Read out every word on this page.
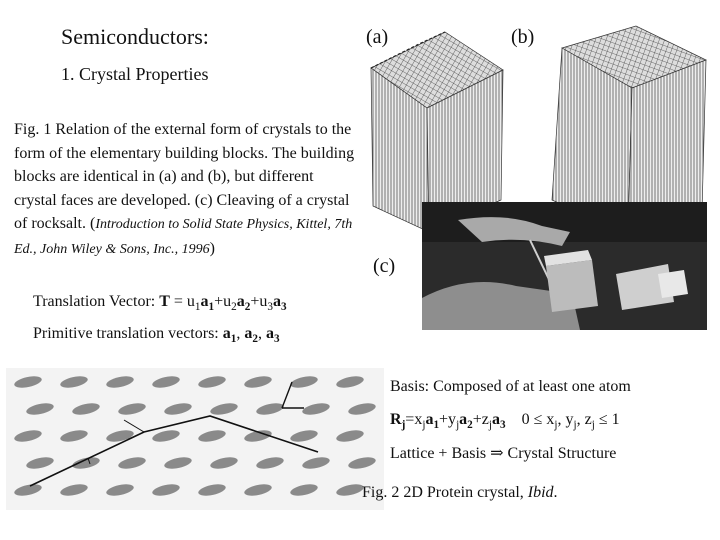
Semiconductors:
1. Crystal Properties
Fig. 1 Relation of the external form of crystals to the form of the elementary building blocks. The building blocks are identical in (a) and (b), but different crystal faces are developed. (c) Cleaving of a crystal of rocksalt. (Introduction to Solid State Physics, Kittel, 7th Ed., John Wiley & Sons, Inc., 1996)
(a)	(b)
(c)
Translation Vector: $T = u_1a_1+u_2a_2+u_3a_3$
Primitive translation vectors: $a_1$, $a_2$, $a_3$
Basis: Composed of at least one atom
$R_j=x_ja_1+y_ja_2+z_ja_3$    $0 \le x_j$, $y_j$, $z_j \le 1$
Lattice + Basis ⇒ Crystal Structure
Fig. 2 2D Protein crystal, Ibid.
